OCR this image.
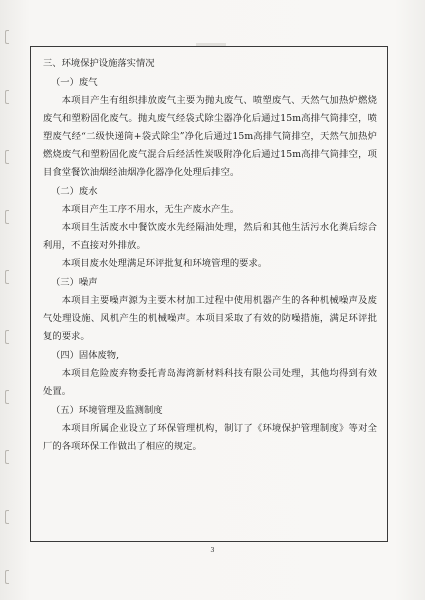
三、环境保护设施落实情况
（一）废气

本项目产生有组织排放废气主要为抛丸废气、喷塑废气、天然气加热炉燃烧废气和塑粉固化废气。抛丸废气经袋式除尘器净化后通过15m高排气筒排空，喷塑废气经“二级快递筒+袋式除尘”净化后通过15m高排气筒排空，天然气加热炉燃烧废气和塑粉固化废气混合后经活性炭吸附净化后通过15m高排气筒排空，项目食堂餐饮油烟经油烟净化器净化处理后排空。

（二）废水

本项目产生工序不用水，无生产废水产生。

本项目生活废水中餐饮废水先经隔油处理，然后和其他生活污水化粪后综合利用，不直接对外排放。

本项目废水处理满足环评批复和环境管理的要求。

（三）噪声

本项目主要噪声源为主要木材加工过程中使用机器产生的各种机械噪声及废气处理设施、风机产生的机械噪声。本项目采取了有效的防噪措施，满足环评批复的要求。

（四）固体废物,

本项目危险废弃物委托青岛海湾新材料科技有限公司处理，其他均得到有效处置。

（五）环境管理及监测制度

本项目所属企业设立了环保管理机构，制订了《环境保护管理制度》等对全厂的各项环保工作做出了相应的规定。

3
